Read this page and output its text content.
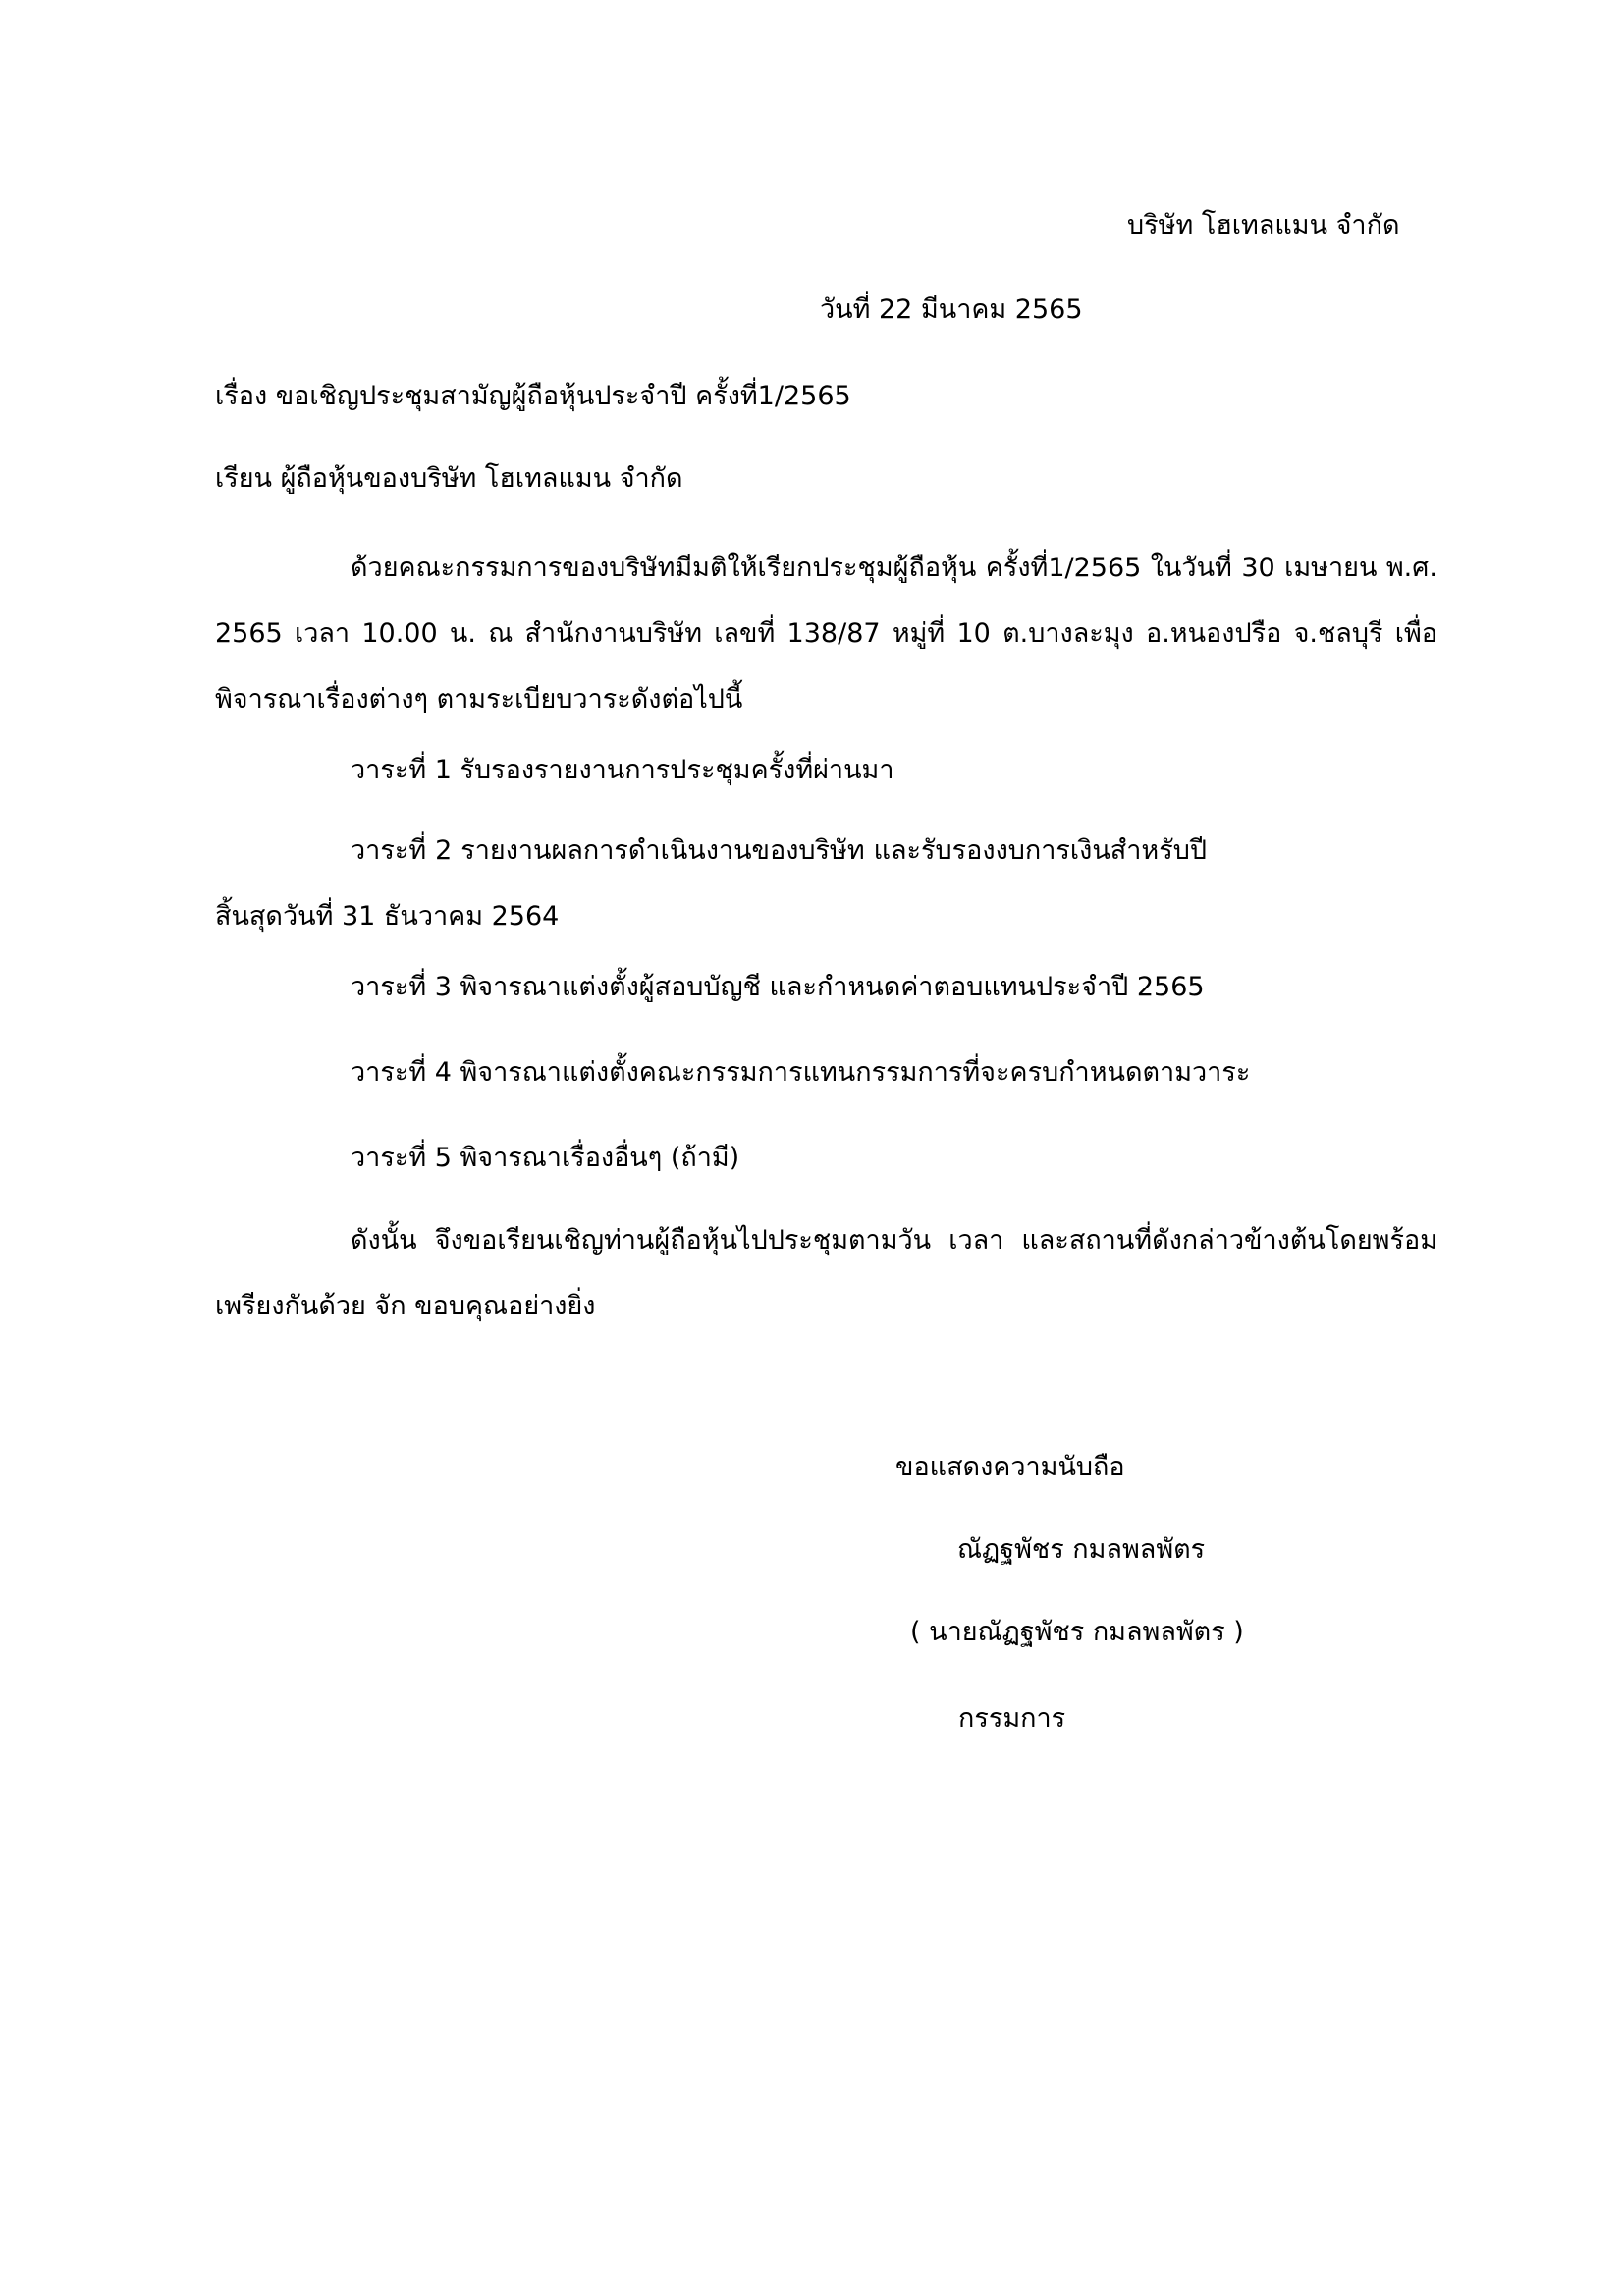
บริษัท โฮเทลแมน จำกัด

วันที่ 22 มีนาคม 2565

เรื่อง ขอเชิญประชุมสามัญผู้ถือหุ้นประจำปี ครั้งที่1/2565

เรียน ผู้ถือหุ้นของบริษัท โฮเทลแมน จำกัด

ด้วยคณะกรรมการของบริษัทมีมติให้เรียกประชุมผู้ถือหุ้น ครั้งที่1/2565 ในวันที่ 30 เมษายน พ.ศ. 2565 เวลา 10.00 น. ณ สำนักงานบริษัท เลขที่ 138/87 หมู่ที่ 10 ต.บางละมุง อ.หนองปรือ จ.ชลบุรี เพื่อพิจารณาเรื่องต่างๆ ตามระเบียบวาระดังต่อไปนี้

วาระที่ 1 รับรองรายงานการประชุมครั้งที่ผ่านมา

วาระที่ 2 รายงานผลการดำเนินงานของบริษัท และรับรองงบการเงินสำหรับปี สิ้นสุดวันที่ 31 ธันวาคม 2564

วาระที่ 3 พิจารณาแต่งตั้งผู้สอบบัญชี และกำหนดค่าตอบแทนประจำปี 2565

วาระที่ 4 พิจารณาแต่งตั้งคณะกรรมการแทนกรรมการที่จะครบกำหนดตามวาระ

วาระที่ 5 พิจารณาเรื่องอื่นๆ (ถ้ามี)

ดังนั้น จึงขอเรียนเชิญท่านผู้ถือหุ้นไปประชุมตามวัน เวลา และสถานที่ดังกล่าวข้างต้นโดยพร้อมเพรียงกันด้วย จัก ขอบคุณอย่างยิ่ง

ขอแสดงความนับถือ

ณัฏฐพัชร กมลพลพัตร

( นายณัฏฐพัชร กมลพลพัตร )

กรรมการ
